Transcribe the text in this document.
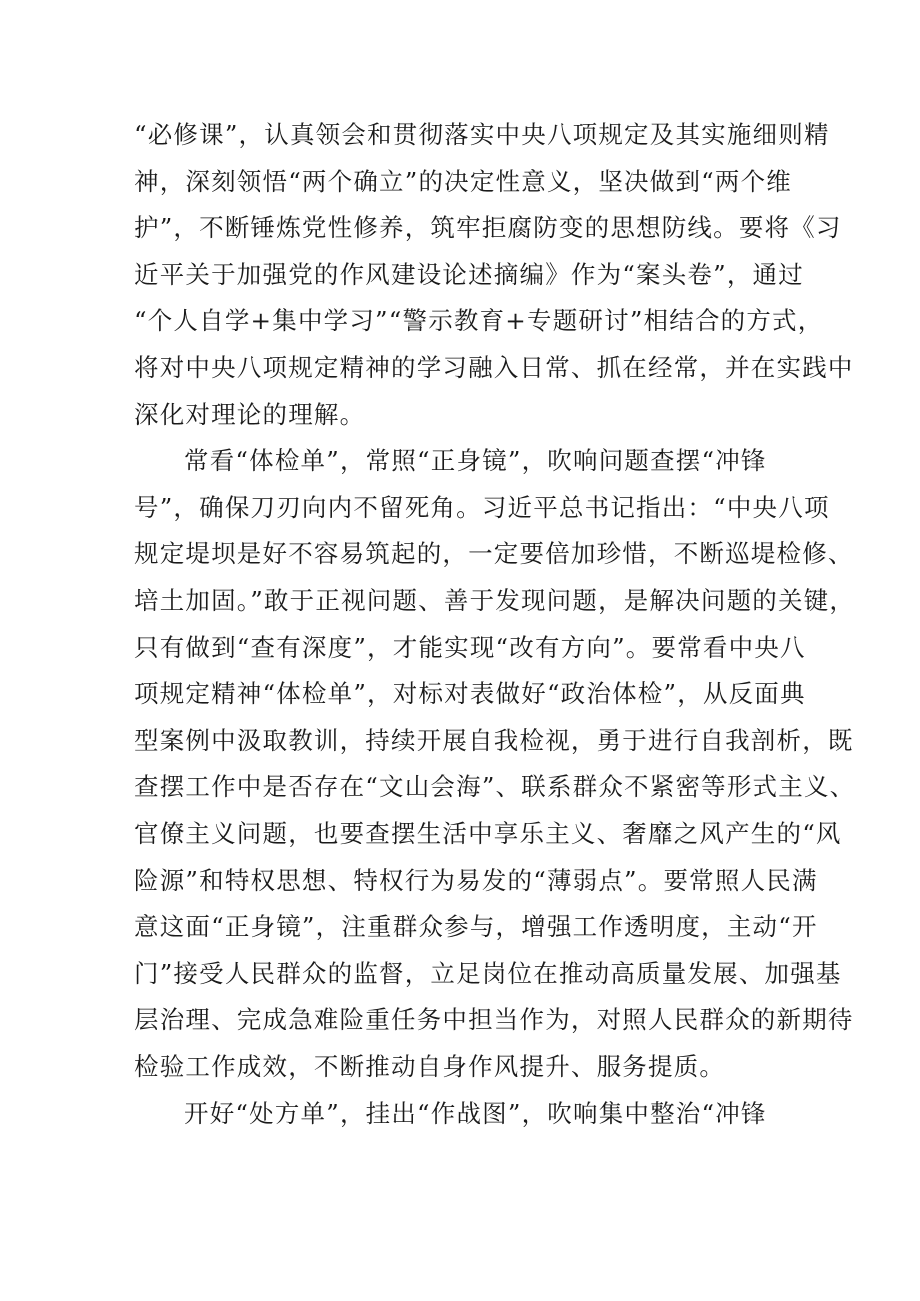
“必修课”，认真领会和贯彻落实中央八项规定及其实施细则精
神，深刻领悟“两个确立”的决定性意义，坚决做到“两个维
护”，不断锤炼党性修养，筑牢拒腐防变的思想防线。要将《习
近平关于加强党的作风建设论述摘编》作为“案头卷”，通过
“个人自学+集中学习”“警示教育+专题研讨”相结合的方式，
将对中央八项规定精神的学习融入日常、抓在经常，并在实践中
深化对理论的理解。
常看“体检单”，常照“正身镜”，吹响问题查摆“冲锋
号”，确保刀刃向内不留死角。习近平总书记指出：“中央八项
规定堤坝是好不容易筑起的，一定要倍加珍惜，不断巡堤检修、
培土加固。”敢于正视问题、善于发现问题，是解决问题的关键，
只有做到“查有深度”，才能实现“改有方向”。要常看中央八
项规定精神“体检单”，对标对表做好“政治体检”，从反面典
型案例中汲取教训，持续开展自我检视，勇于进行自我剖析，既
查摆工作中是否存在“文山会海”、联系群众不紧密等形式主义、
官僚主义问题，也要查摆生活中享乐主义、奢靡之风产生的“风
险源”和特权思想、特权行为易发的“薄弱点”。要常照人民满
意这面“正身镜”，注重群众参与，增强工作透明度，主动“开
门”接受人民群众的监督，立足岗位在推动高质量发展、加强基
层治理、完成急难险重任务中担当作为，对照人民群众的新期待
检验工作成效，不断推动自身作风提升、服务提质。
开好“处方单”，挂出“作战图”，吹响集中整治“冲锋
